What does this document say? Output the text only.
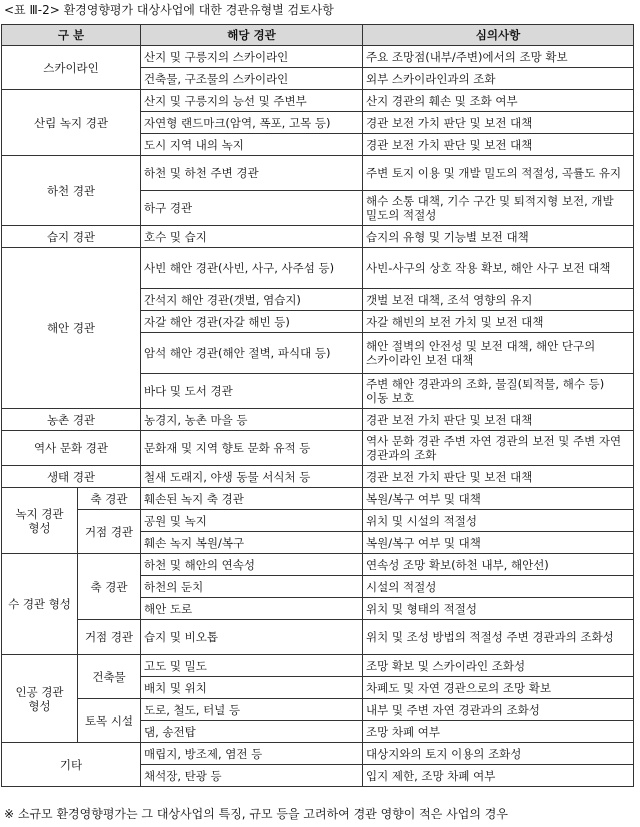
<표 Ⅲ-2> 환경영향평가 대상사업에 대한 경관유형별 검토사항
구 분		해당 경관	심의사항
스카이라인		산지 및 구릉지의 스카이라인	주요 조망점(내부/주변)에서의 조망 확보
		건축물, 구조물의 스카이라인	외부 스카이라인과의 조화
산림 녹지 경관		산지 및 구릉지의 능선 및 주변부	산지 경관의 훼손 및 조화 여부
		자연형 랜드마크(암역, 폭포, 고목 등)	경관 보전 가치 판단 및 보전 대책
		도시 지역 내의 녹지	경관 보전 가치 판단 및 보전 대책
하천 경관		하천 및 하천 주변 경관	주변 토지 이용 및 개발 밀도의 적절성, 곡률도 유지
		하구 경관	해수 소통 대책, 기수 구간 및 퇴적지형 보전, 개발 밀도의 적절성
습지 경관		호수 및 습지	습지의 유형 및 기능별 보전 대책
해안 경관		사빈 해안 경관(사빈, 사구, 사주섬 등)	사빈-사구의 상호 작용 확보, 해안 사구 보전 대책
		간석지 해안 경관(갯벌, 염습지)	갯벌 보전 대책, 조석 영향의 유지
		자갈 해안 경관(자갈 해빈 등)	자갈 해빈의 보전 가치 및 보전 대책
		암석 해안 경관(해안 절벽, 파식대 등)	해안 절벽의 안전성 및 보전 대책, 해안 단구의 스카이라인 보전 대책
		바다 및 도서 경관	주변 해안 경관과의 조화, 물질(퇴적물, 해수 등) 이동 보호
농촌 경관		농경지, 농촌 마을 등	경관 보전 가치 판단 및 보전 대책
역사 문화 경관		문화재 및 지역 향토 문화 유적 등	역사 문화 경관 주변 자연 경관의 보전 및 주변 자연 경관과의 조화
생태 경관		철새 도래지, 야생 동물 서식처 등	경관 보전 가치 판단 및 보전 대책
녹지 경관 형성	축 경관	훼손된 녹지 축 경관	복원/복구 여부 및 대책
	거점 경관	공원 및 녹지	위치 및 시설의 적절성
		훼손 녹지 복원/복구	복원/복구 여부 및 대책
수 경관 형성	축 경관	하천 및 해안의 연속성	연속성 조망 확보(하천 내부, 해안선)
		하천의 둔치	시설의 적절성
		해안 도로	위치 및 형태의 적절성
	거점 경관	습지 및 비오톱	위치 및 조성 방법의 적절성 주변 경관과의 조화성
인공 경관 형성	건축물	고도 및 밀도	조망 확보 및 스카이라인 조화성
		배치 및 위치	차폐도 및 자연 경관으로의 조망 확보
	토목 시설	도로, 철도, 터널 등	내부 및 주변 자연 경관과의 조화성
		댐, 송전탑	조망 차폐 여부
기타		매립지, 방조제, 염전 등	대상지와의 토지 이용의 조화성
		채석장, 탄광 등	입지 제한, 조망 차폐 여부
※ 소규모 환경영향평가는 그 대상사업의 특징, 규모 등을 고려하여 경관 영향이 적은 사업의 경우
